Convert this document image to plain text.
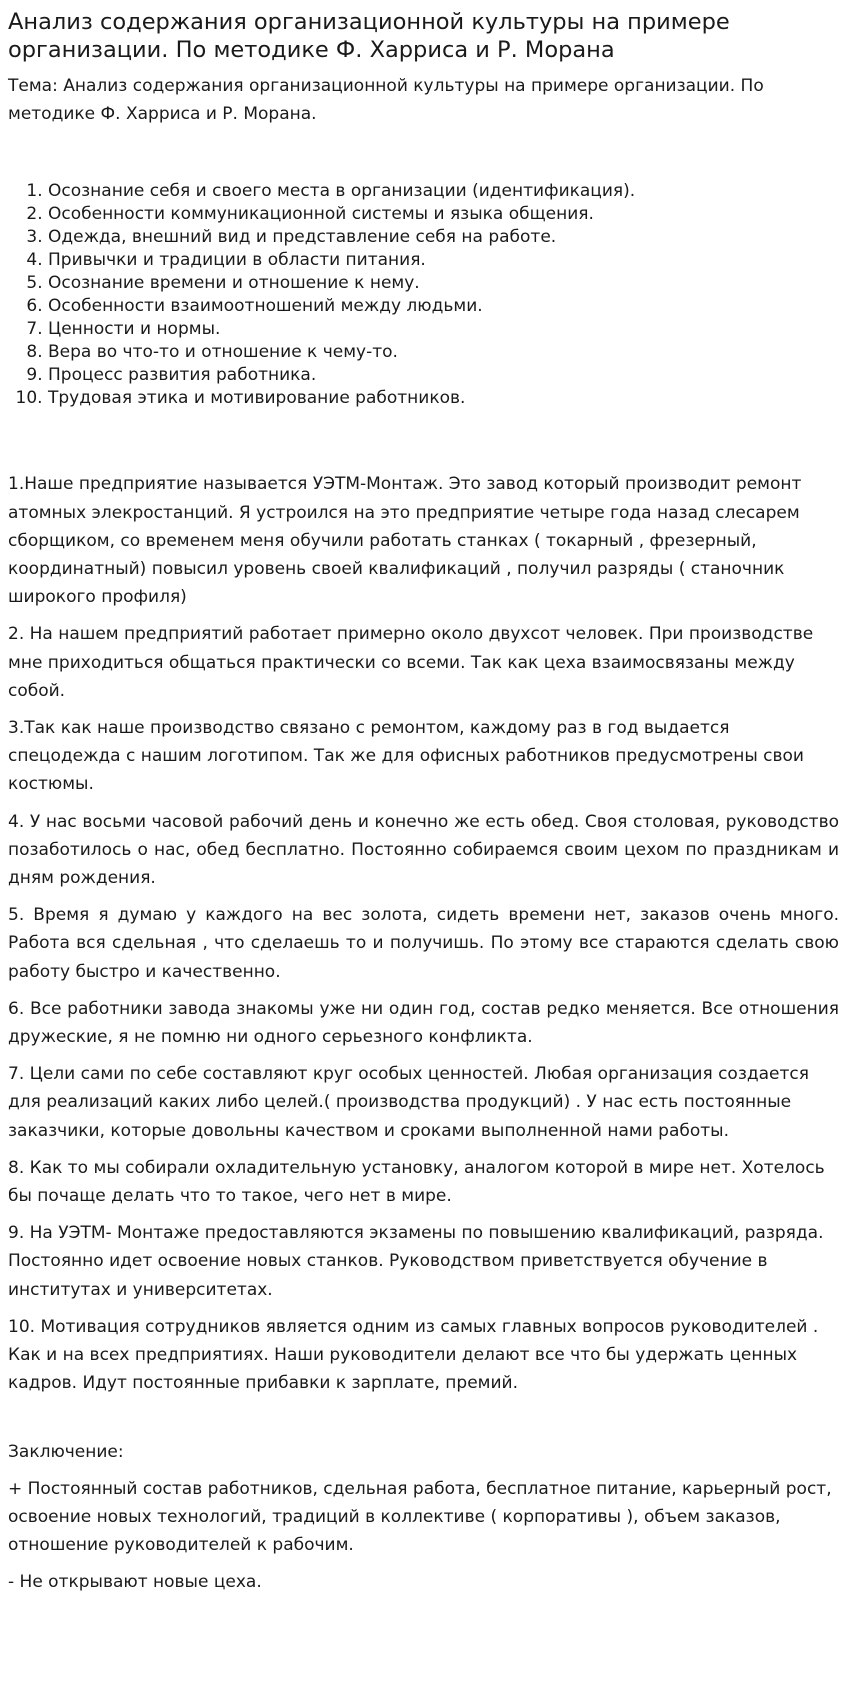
Анализ содержания организационной культуры на примере организации. По методике Ф. Харриса и Р. Морана

Тема: Анализ содержания организационной культуры на примере организации. По методике Ф. Харриса и Р. Морана.

1. Осознание себя и своего места в организации (идентификация).
2. Особенности коммуникационной системы и языка общения.
3. Одежда, внешний вид и представление себя на работе.
4. Привычки и традиции в области питания.
5. Осознание времени и отношение к нему.
6. Особенности взаимоотношений между людьми.
7. Ценности и нормы.
8. Вера во что-то и отношение к чему-то.
9. Процесс развития работника.
10. Трудовая этика и мотивирование работников.

1.Наше предприятие называется УЭТМ-Монтаж. Это завод который производит ремонт атомных элекростанций. Я устроился на это предприятие четыре года назад слесарем сборщиком, со временем меня обучили работать станках ( токарный , фрезерный, координатный) повысил уровень своей квалификаций , получил разряды ( станочник широкого профиля)

2. На нашем предприятий работает примерно около двухсот человек. При производстве мне приходиться общаться практически со всеми. Так как цеха взаимосвязаны между собой.

3.Так как наше производство связано с ремонтом, каждому раз в год выдается спецодежда с нашим логотипом. Так же для офисных работников предусмотрены свои костюмы.

4. У нас восьми часовой рабочий день и конечно же есть обед. Своя столовая, руководство позаботилось о нас, обед бесплатно. Постоянно собираемся своим цехом по праздникам и дням рождения.

5. Время я думаю у каждого на вес золота, сидеть времени нет, заказов очень много. Работа вся сдельная , что сделаешь то и получишь. По этому все стараются сделать свою работу быстро и качественно.

6. Все работники завода знакомы уже ни один год, состав редко меняется. Все отношения дружеские, я не помню ни одного серьезного конфликта.

7. Цели сами по себе составляют круг особых ценностей. Любая организация создается для реализаций каких либо целей.( производства продукций) . У нас есть постоянные заказчики, которые довольны качеством и сроками выполненной нами работы.

8. Как то мы собирали охладительную установку, аналогом которой в мире нет. Хотелось бы почаще делать что то такое, чего нет в мире.

9. На УЭТМ- Монтаже предоставляются экзамены по повышению квалификаций, разряда. Постоянно идет освоение новых станков. Руководством приветствуется обучение в институтах и университетах.

10. Мотивация сотрудников является одним из самых главных вопросов руководителей . Как и на всех предприятиях. Наши руководители делают все что бы удержать ценных кадров. Идут постоянные прибавки к зарплате, премий.

Заключение:

+ Постоянный состав работников, сдельная работа, бесплатное питание, карьерный рост, освоение новых технологий, традиций в коллективе ( корпоративы ), объем заказов, отношение руководителей к рабочим.

- Не открывают новые цеха.
